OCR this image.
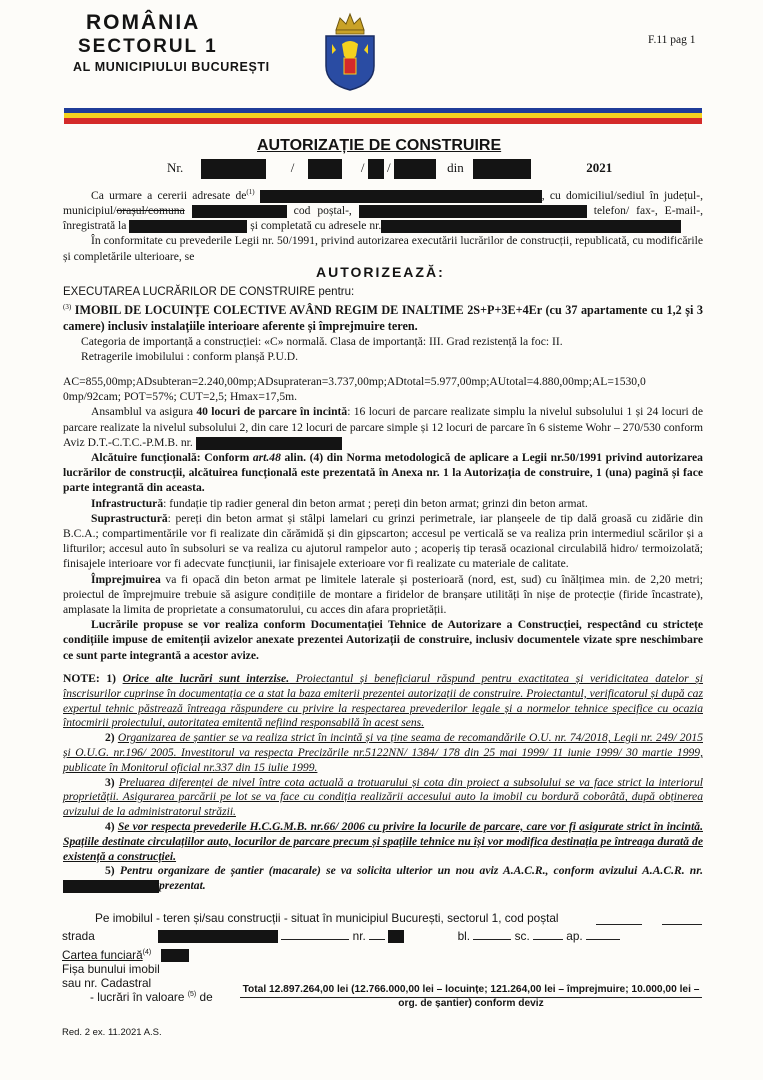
ROMÂNIA
SECTORUL 1
AL MUNICIPIULUI BUCUREȘTI
F.11 pag 1
AUTORIZAȚIE DE CONSTRUIRE
Nr.	/	/ /	din	2021

Ca urmare a cererii adresate $de^{(1)}$	, cu domiciliul/sediul în județul-, municipiul/orașul/comuna	cod poștal-,	telefon/ fax-, E-mail-, înregistrată la	și completată cu adresele nr.

În conformitate cu prevederile Legii nr. 50/1991, privind autorizarea executării lucrărilor de construcții, republicată, cu modificările și completările ulterioare, se

AUTORIZEAZĂ:
EXECUTAREA LUCRĂRILOR DE CONSTRUIRE pentru:

$^{(3)}$ IMOBIL DE LOCUINȚE COLECTIVE AVÂND REGIM DE INALTIME 2S+P+3E+4Er (cu 37 apartamente cu 1,2 și 3 camere) inclusiv instalațiile interioare aferente și împrejmuire teren.

Categoria de importanță a construcției: «C» normală. Clasa de importanță: III. Grad rezistență la foc: II.

Retragerile imobilului : conform planșă P.U.D.

AC=855,00mp;ADsubteran=2.240,00mp;ADsuprateran=3.737,00mp;ADtotal=5.977,00mp;AUtotal=4.880,00mp;AL=1530,0 0mp/92cam; POT=57%; CUT=2,5; Hmax=17,5m.

Ansamblul va asigura 40 locuri de parcare în incintă: 16 locuri de parcare realizate simplu la nivelul subsolului 1 și 24 locuri de parcare realizate la nivelul subsolului 2, din care 12 locuri de parcare simple și 12 locuri de parcare în 6 sisteme Wohr – 270/530 conform Aviz D.T.-C.T.C.-P.M.B. nr.

Alcătuire funcțională: Conform art.48 alin. (4) din Norma metodologică de aplicare a Legii nr.50/1991 privind autorizarea lucrărilor de construcții, alcătuirea funcțională este prezentată în Anexa nr. 1 la Autorizația de construire, 1 (una) pagină și face parte integrantă din aceasta.

Infrastructură: fundație tip radier general din beton armat ; pereți din beton armat; grinzi din beton armat.

Suprastructură: pereți din beton armat și stâlpi lamelari cu grinzi perimetrale, iar planșeele de tip dală groasă cu zidărie din B.C.A.; compartimentările vor fi realizate din cărămidă și din gipscarton; accesul pe verticală se va realiza prin intermediul scărilor și a lifturilor; accesul auto în subsoluri se va realiza cu ajutorul rampelor auto ; acoperiș tip terasă ocazional circulabilă hidro/ termoizolată; finisajele interioare vor fi adecvate funcțiunii, iar finisajele exterioare vor fi realizate cu materiale de calitate.

Împrejmuirea va fi opacă din beton armat pe limitele laterale și posterioară (nord, est, sud) cu înălțimea min. de 2,20 metri; proiectul de împrejmuire trebuie să asigure condițiile de montare a firidelor de branșare utilități în nișe de protecție (firide încastrate), amplasate la limita de proprietate a consumatorului, cu acces din afara proprietății.

Lucrările propuse se vor realiza conform Documentației Tehnice de Autorizare a Construcției, respectând cu strictețe condițiile impuse de emitenții avizelor anexate prezentei Autorizații de construire, inclusiv documentele vizate spre neschimbare ce sunt parte integrantă a acestor avize.

NOTE: 1) Orice alte lucrări sunt interzise. Proiectantul și beneficiarul răspund pentru exactitatea și veridicitatea datelor și înscrisurilor cuprinse în documentația ce a stat la baza emiterii prezentei autorizații de construire. Proiectantul, verificatorul și după caz expertul tehnic păstrează întreaga răspundere cu privire la respectarea prevederilor legale și a normelor tehnice specifice cu ocazia întocmirii proiectului, autoritatea emitentă nefiind responsabilă în acest sens.

2) Organizarea de șantier se va realiza strict în incintă și va ține seama de recomandările O.U. nr. 74/2018, Legii nr. 249/ 2015 și O.U.G. nr.196/ 2005. Investitorul va respecta Precizările nr.5122NN/ 1384/ 178 din 25 mai 1999/ 11 iunie 1999/ 30 martie 1999, publicate în Monitorul oficial nr.337 din 15 iulie 1999.

3) Preluarea diferenței de nivel între cota actuală a trotuarului și cota din proiect a subsolului se va face strict la interiorul proprietății. Asigurarea parcării pe lot se va face cu condiția realizării accesului auto la imobil cu bordură coborâtă, după obținerea avizului de la administratorul străzii.

4) Se vor respecta prevederile H.C.G.M.B. nr.66/ 2006 cu privire la locurile de parcare, care vor fi asigurate strict în incintă. Spațiile destinate circulațiilor auto, locurilor de parcare precum și spațiile tehnice nu își vor modifica destinația pe întreaga durată de existență a construcției.

5) Pentru organizare de șantier (macarale) se va solicita ulterior un nou aviz A.A.C.R., conform avizului A.A.C.R. nr. prezentat.

Pe imobilul - teren și/sau construcții - situat în municipiul București, sectorul 1, cod poștal
strada	nr.	bl.	sc.	ap.
Cartea funciară$^{(4)}$
Fișa bunului imobil
sau nr. Cadastral
- lucrări în valoare $^{(5)}$ de
Total 12.897.264,00 lei (12.766.000,00 lei – locuințe; 121.264,00 lei – împrejmuire; 10.000,00 lei – org. de șantier) conform deviz
Red. 2 ex. 11.2021 A.S.
